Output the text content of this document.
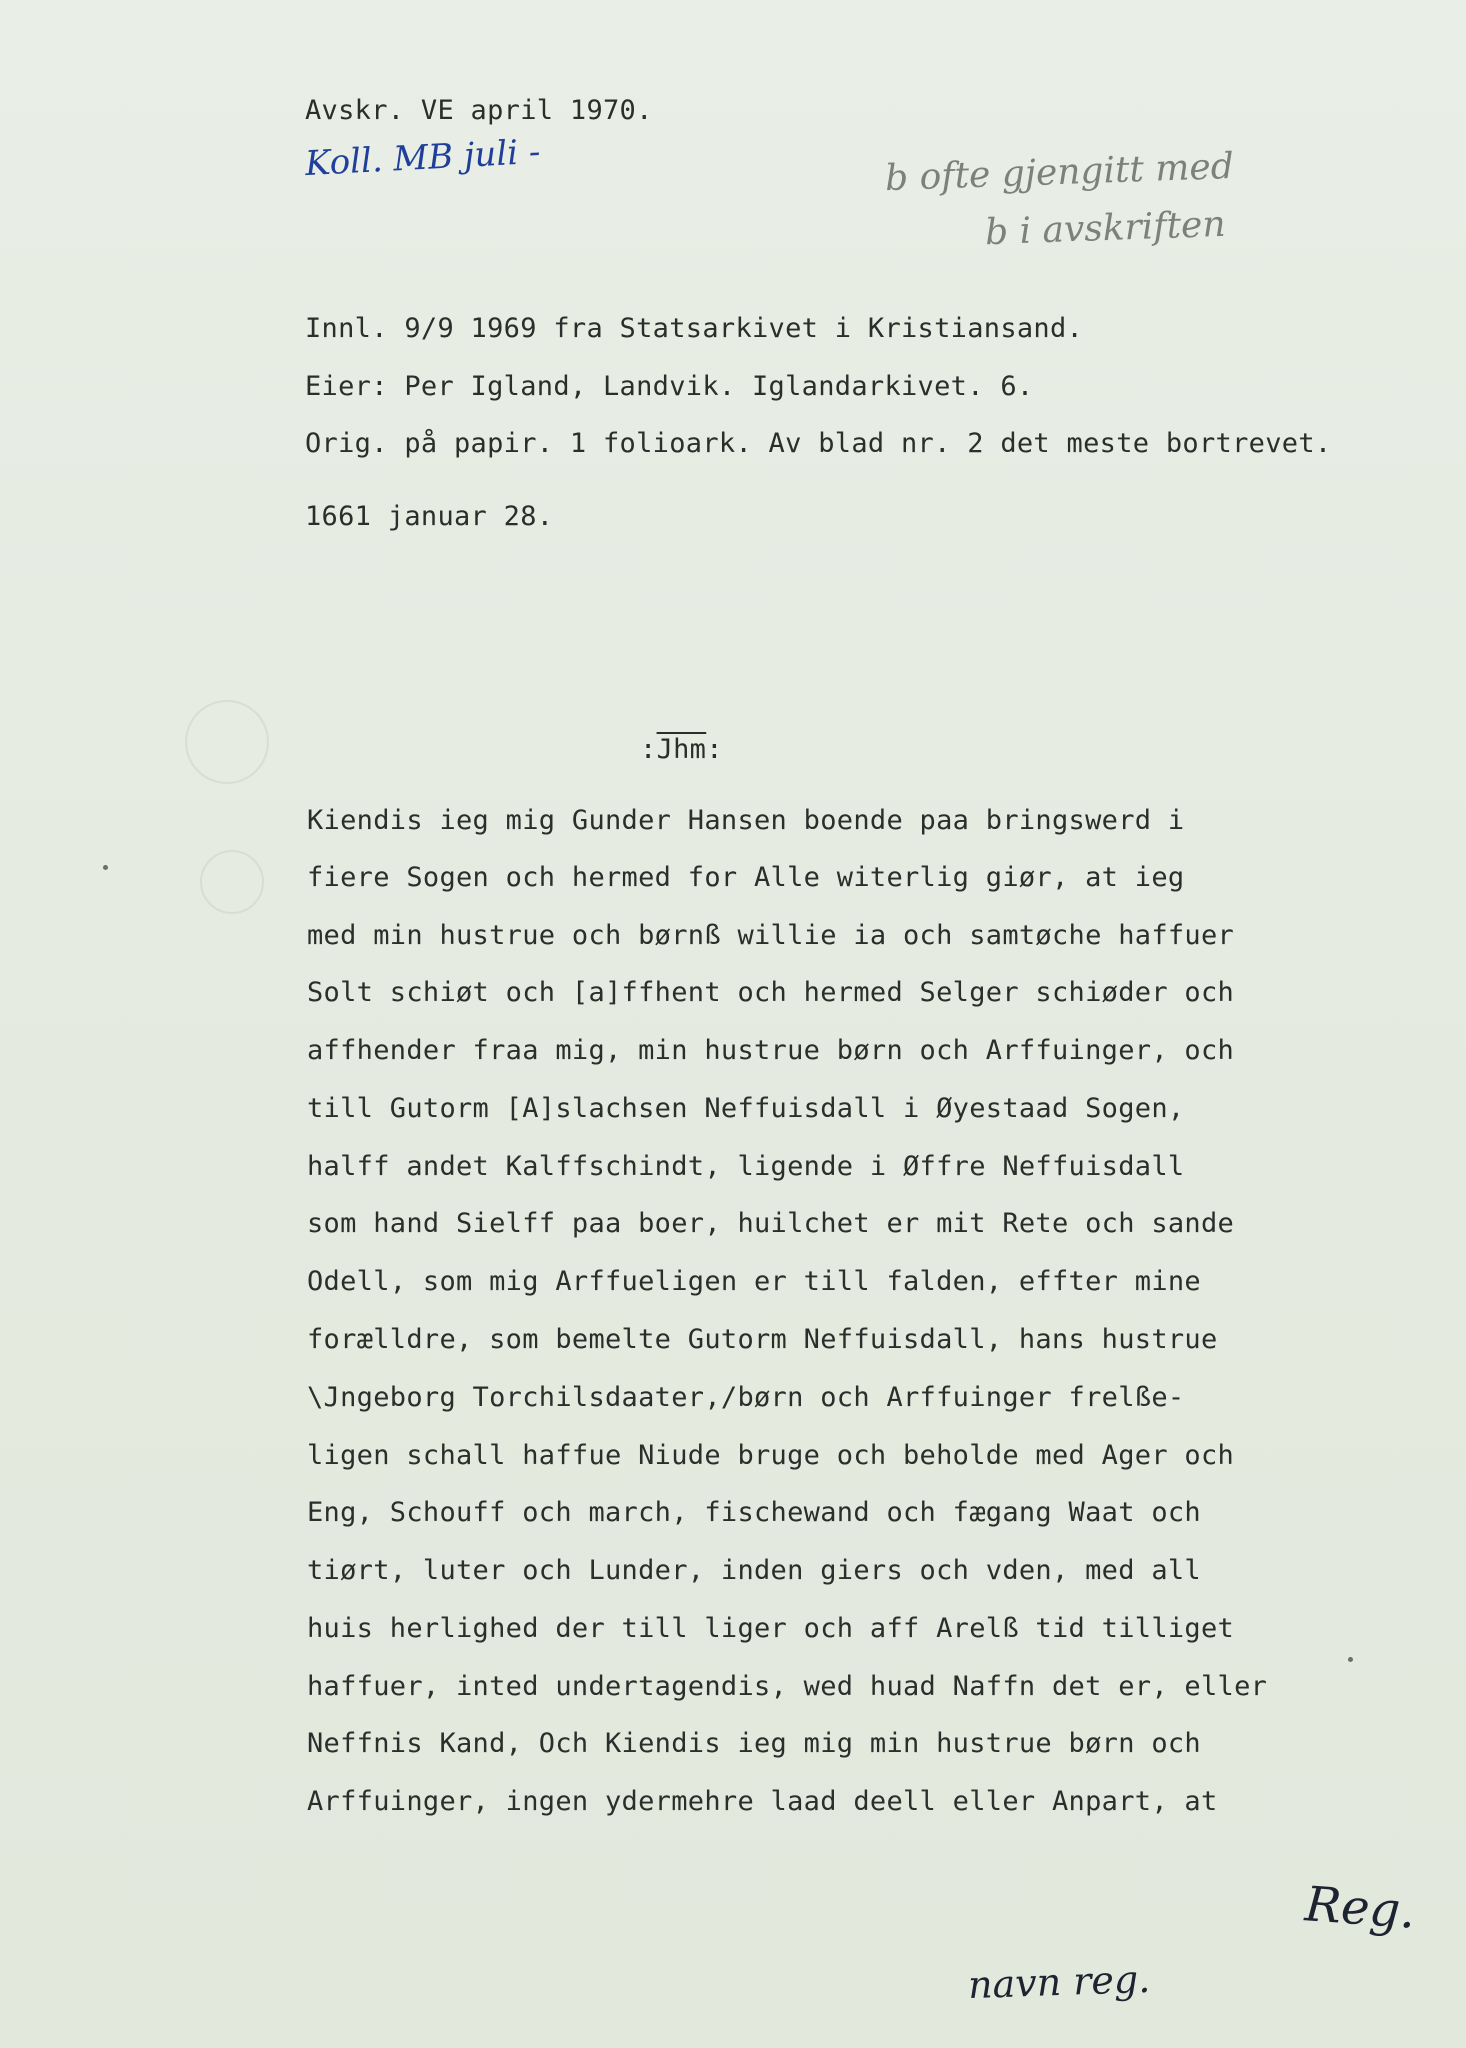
Avskr. VE april 1970.
Koll. MB juli -	b ofte gjengitt med
b i avskriften
Innl. 9/9 1969 fra Statsarkivet i Kristiansand.
Eier: Per Igland, Landvik. Iglandarkivet. 6.
Orig. på papir. 1 folioark. Av blad nr. 2 det meste bortrevet.
1661 januar 28.
$:\overline{Jhm}$:
Kiendis ieg mig Gunder Hansen boende paa bringswerd i
fiere Sogen och hermed for Alle witerlig giør, at ieg
med min hustrue och børnß willie ia och samtøche haffuer
Solt schiøt och [a]ffhent och hermed Selger schiøder och
affhender fraa mig, min hustrue børn och Arffuinger, och
till Gutorm [A]slachsen Neffuisdall i Øyestaad Sogen,
halff andet Kalffschindt, ligende i Øffre Neffuisdall
som hand Sielff paa boer, huilchet er mit Rete och sande
Odell, som mig Arffueligen er till falden, effter mine
forælldre, som bemelte Gutorm Neffuisdall, hans hustrue
\Jngeborg Torchilsdaater,/børn och Arffuinger frelße-
ligen schall haffue Niude bruge och beholde med Ager och
Eng, Schouff och march, fischewand och fægang Waat och
tiørt, luter och Lunder, inden giers och vden, med all
huis herlighed der till liger och aff Arelß tid tilliget
haffuer, inted undertagendis, wed huad Naffn det er, eller
Neffnis Kand, Och Kiendis ieg mig min hustrue børn och
Arffuinger, ingen ydermehre laad deell eller Anpart, at
navn reg.
Reg.
